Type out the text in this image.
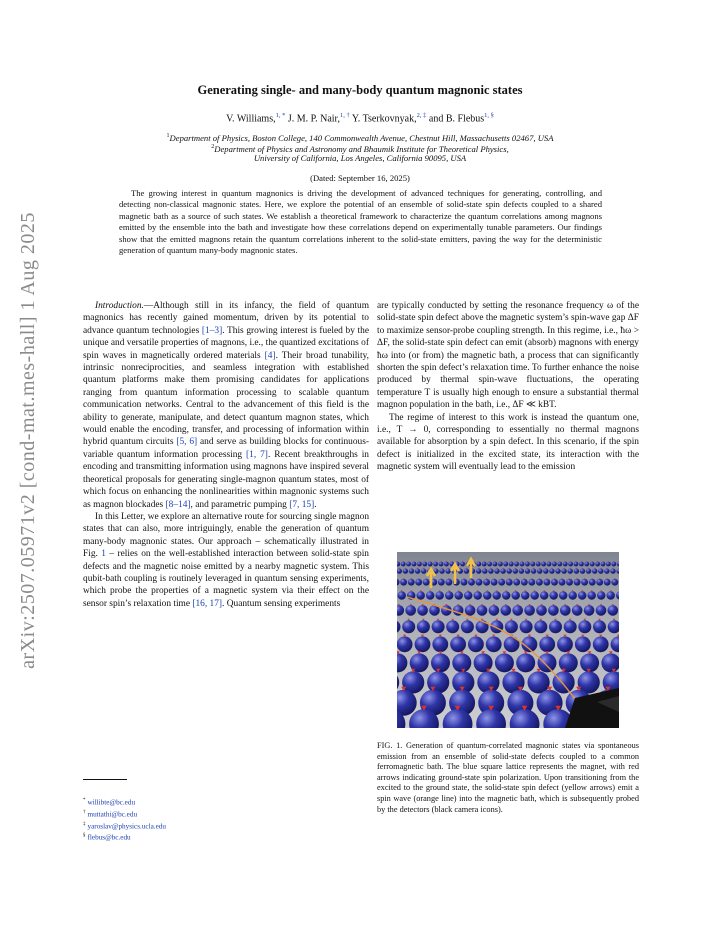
arXiv:2507.05971v2 [cond-mat.mes-hall] 1 Aug 2025
Generating single- and many-body quantum magnonic states
V. Williams,$^{1, *}$ J. M. P. Nair,$^{1, \dagger}$ Y. Tserkovnyak,$^{2, \ddagger}$ and B. Flebus$^{1, \S}$
$^1$Department of Physics, Boston College, 140 Commonwealth Avenue, Chestnut Hill, Massachusetts 02467, USA
$^2$Department of Physics and Astronomy and Bhaumik Institute for Theoretical Physics,
University of California, Los Angeles, California 90095, USA
(Dated: September 16, 2025)
The growing interest in quantum magnonics is driving the development of advanced techniques for generating, controlling, and detecting non-classical magnonic states. Here, we explore the potential of an ensemble of solid-state spin defects coupled to a shared magnetic bath as a source of such states. We establish a theoretical framework to characterize the quantum correlations among magnons emitted by the ensemble into the bath and investigate how these correlations depend on experimentally tunable parameters. Our findings show that the emitted magnons retain the quantum correlations inherent to the solid-state emitters, paving the way for the deterministic generation of quantum many-body magnonic states.

Introduction.—Although still in its infancy, the field of quantum magnonics has recently gained momentum, driven by its potential to advance quantum technologies [1–3]. This growing interest is fueled by the unique and versatile properties of magnons, i.e., the quantized excitations of spin waves in magnetically ordered materials [4]. Their broad tunability, intrinsic nonreciprocities, and seamless integration with established quantum platforms make them promising candidates for applications ranging from quantum information processing to scalable quantum communication networks. Central to the advancement of this field is the ability to generate, manipulate, and detect quantum magnon states, which would enable the encoding, transfer, and processing of information within hybrid quantum circuits [5, 6] and serve as building blocks for continuous-variable quantum information processing [1, 7]. Recent breakthroughs in encoding and transmitting information using magnons have inspired several theoretical proposals for generating single-magnon quantum states, most of which focus on enhancing the nonlinearities within magnonic systems such as magnon blockades [8–14], and parametric pumping [7, 15].

In this Letter, we explore an alternative route for sourcing single magnon states that can also, more intriguingly, enable the generation of quantum many-body magnonic states. Our approach – schematically illustrated in Fig. 1 – relies on the well-established interaction between solid-state spin defects and the magnetic noise emitted by a nearby magnetic system. This qubit-bath coupling is routinely leveraged in quantum sensing experiments, which probe the properties of a magnetic system via their effect on the sensor spin’s relaxation time [16, 17]. Quantum sensing experiments

are typically conducted by setting the resonance frequency ω of the solid-state spin defect above the magnetic system’s spin-wave gap ΔF to maximize sensor-probe coupling strength. In this regime, i.e., ħω > ΔF, the solid-state spin defect can emit (absorb) magnons with energy ħω into (or from) the magnetic bath, a process that can significantly shorten the spin defect’s relaxation time. To further enhance the noise produced by thermal spin-wave fluctuations, the operating temperature T is usually high enough to ensure a substantial thermal magnon population in the bath, i.e., ΔF ≪ kBT.

The regime of interest to this work is instead the quantum one, i.e., T → 0, corresponding to essentially no thermal magnons available for absorption by a spin defect. In this scenario, if the spin defect is initialized in the excited state, its interaction with the magnetic system will eventually lead to the emission

FIG. 1. Generation of quantum-correlated magnonic states via spontaneous emission from an ensemble of solid-state defects coupled to a common ferromagnetic bath. The blue square lattice represents the magnet, with red arrows indicating ground-state spin polarization. Upon transitioning from the excited to the ground state, the solid-state spin defect (yellow arrows) emit a spin wave (orange line) into the magnetic bath, which is subsequently probed by the detectors (black camera icons).
* willibte@bc.edu
† muttathi@bc.edu
‡ yaroslav@physics.ucla.edu
§ flebus@bc.edu
